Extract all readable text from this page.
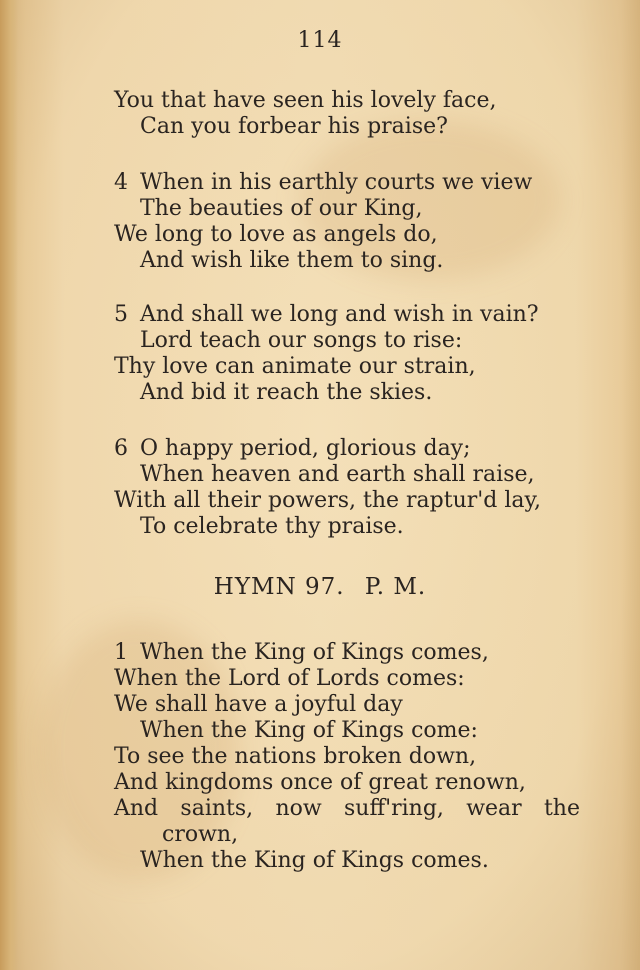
114
You that have seen his lovely face,
Can you forbear his praise?
4 When in his earthly courts we view
The beauties of our King,
We long to love as angels do,
And wish like them to sing.
5 And shall we long and wish in vain?
Lord teach our songs to rise:
Thy love can animate our strain,
And bid it reach the skies.
6 O happy period, glorious day;
When heaven and earth shall raise,
With all their powers, the raptur'd lay,
To celebrate thy praise.
HYMN 97. P. M.
1 When the King of Kings comes,
When the Lord of Lords comes:
We shall have a joyful day
When the King of Kings come:
To see the nations broken down,
And kingdoms once of great renown,
And saints, now suff'ring, wear the
crown,
When the King of Kings comes.
